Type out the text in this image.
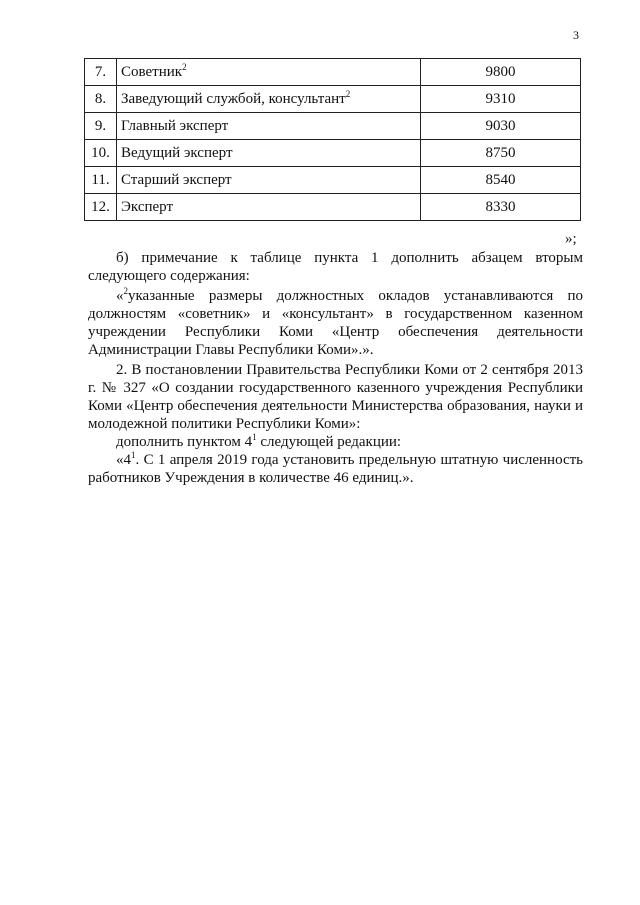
3
7.	Советник$^2$	9800
8.	Заведующий службой, консультант$^2$	9310
9.	Главный эксперт	9030
10.	Ведущий эксперт	8750
11.	Старший эксперт	8540
12.	Эксперт	8330
»;

б) примечание к таблице пункта 1 дополнить абзацем вторым следующего содержания:

«$^2$указанные размеры должностных окладов устанавливаются по должностям «советник» и «консультант» в государственном казенном учреждении Республики Коми «Центр обеспечения деятельности Администрации Главы Республики Коми».».

2. В постановлении Правительства Республики Коми от 2 сентября 2013 г. № 327 «О создании государственного казенного учреждения Республики Коми «Центр обеспечения деятельности Министерства образования, науки и молодежной политики Республики Коми»:

дополнить пунктом $4^1$ следующей редакции:

«$4^1$. С 1 апреля 2019 года установить предельную штатную численность работников Учреждения в количестве 46 единиц.».
